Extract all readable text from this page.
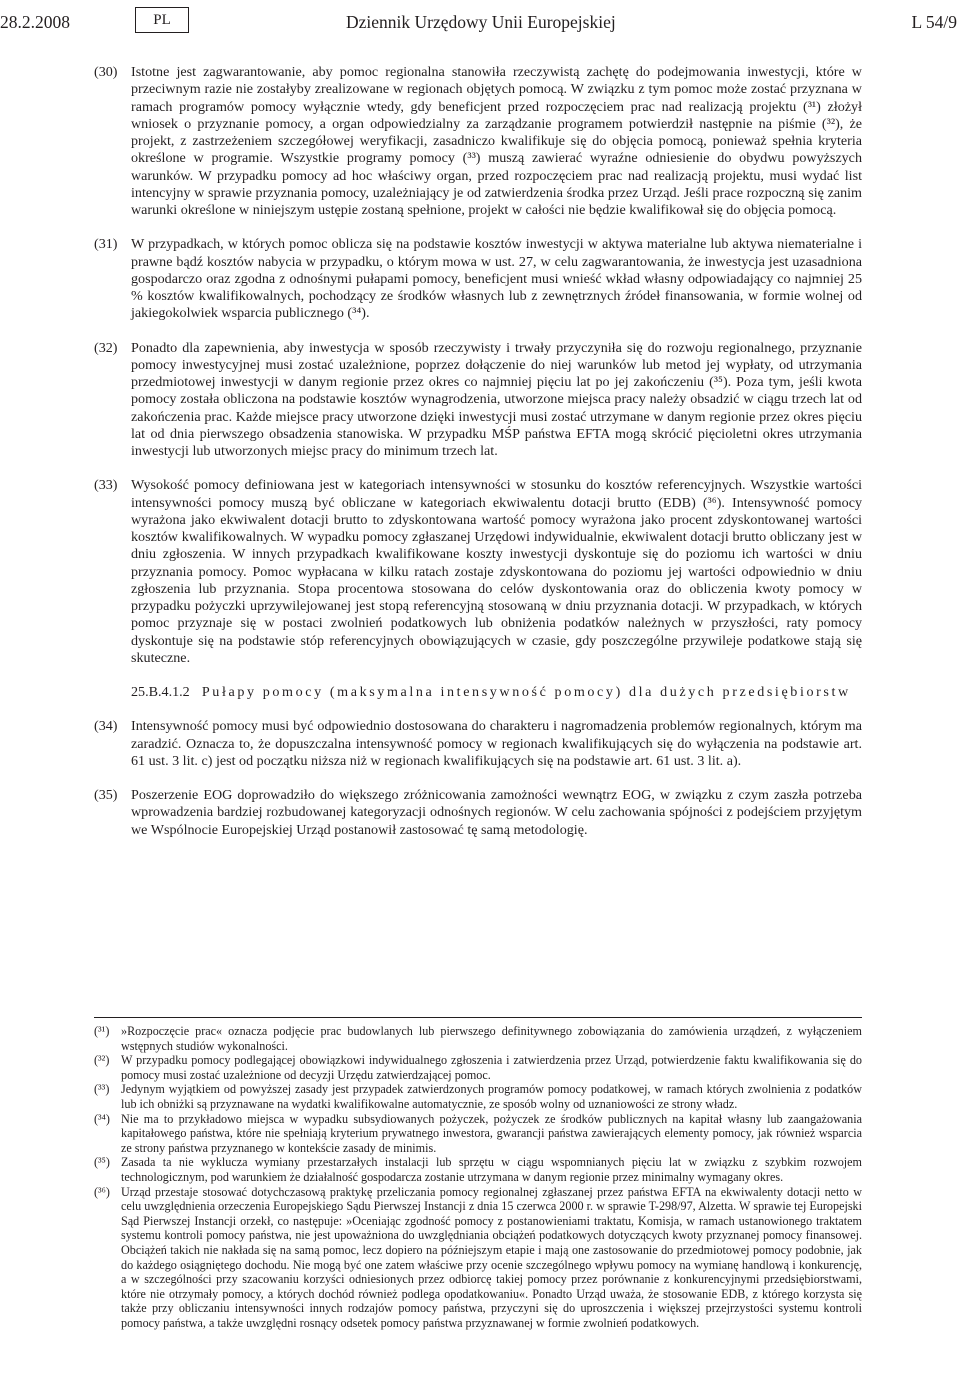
28.2.2008	PL	Dziennik Urzędowy Unii Europejskiej	L 54/9
(30) Istotne jest zagwarantowanie, aby pomoc regionalna stanowiła rzeczywistą zachętę do podejmowania inwestycji, które w przeciwnym razie nie zostałyby zrealizowane w regionach objętych pomocą. W związku z tym pomoc może zostać przyznana w ramach programów pomocy wyłącznie wtedy, gdy beneficjent przed rozpoczęciem prac nad realizacją projektu (³¹) złożył wniosek o przyznanie pomocy, a organ odpowiedzialny za zarządzanie programem potwierdził następnie na piśmie (³²), że projekt, z zastrzeżeniem szczegółowej weryfikacji, zasadniczo kwalifikuje się do objęcia pomocą, ponieważ spełnia kryteria określone w programie. Wszystkie programy pomocy (³³) muszą zawierać wyraźne odniesienie do obydwu powyższych warunków. W przypadku pomocy ad hoc właściwy organ, przed rozpoczęciem prac nad realizacją projektu, musi wydać list intencyjny w sprawie przyznania pomocy, uzależniający je od zatwierdzenia środka przez Urząd. Jeśli prace rozpoczną się zanim warunki określone w niniejszym ustępie zostaną spełnione, projekt w całości nie będzie kwalifikował się do objęcia pomocą.
(31) W przypadkach, w których pomoc oblicza się na podstawie kosztów inwestycji w aktywa materialne lub aktywa niematerialne i prawne bądź kosztów nabycia w przypadku, o którym mowa w ust. 27, w celu zagwarantowania, że inwestycja jest uzasadniona gospodarczo oraz zgodna z odnośnymi pułapami pomocy, beneficjent musi wnieść wkład własny odpowiadający co najmniej 25 % kosztów kwalifikowalnych, pochodzący ze środków własnych lub z zewnętrznych źródeł finansowania, w formie wolnej od jakiegokolwiek wsparcia publicznego (³⁴).
(32) Ponadto dla zapewnienia, aby inwestycja w sposób rzeczywisty i trwały przyczyniła się do rozwoju regionalnego, przyznanie pomocy inwestycyjnej musi zostać uzależnione, poprzez dołączenie do niej warunków lub metod jej wypłaty, od utrzymania przedmiotowej inwestycji w danym regionie przez okres co najmniej pięciu lat po jej zakończeniu (³⁵). Poza tym, jeśli kwota pomocy została obliczona na podstawie kosztów wynagrodzenia, utworzone miejsca pracy należy obsadzić w ciągu trzech lat od zakończenia prac. Każde miejsce pracy utworzone dzięki inwestycji musi zostać utrzymane w danym regionie przez okres pięciu lat od dnia pierwszego obsadzenia stanowiska. W przypadku MŚP państwa EFTA mogą skrócić pięcioletni okres utrzymania inwestycji lub utworzonych miejsc pracy do minimum trzech lat.
(33) Wysokość pomocy definiowana jest w kategoriach intensywności w stosunku do kosztów referencyjnych. Wszystkie wartości intensywności pomocy muszą być obliczane w kategoriach ekwiwalentu dotacji brutto (EDB) (³⁶). Intensywność pomocy wyrażona jako ekwiwalent dotacji brutto to zdyskontowana wartość pomocy wyrażona jako procent zdyskontowanej wartości kosztów kwalifikowalnych. W wypadku pomocy zgłaszanej Urzędowi indywidualnie, ekwiwalent dotacji brutto obliczany jest w dniu zgłoszenia. W innych przypadkach kwalifikowane koszty inwestycji dyskontuje się do poziomu ich wartości w dniu przyznania pomocy. Pomoc wypłacana w kilku ratach zostaje zdyskontowana do poziomu jej wartości odpowiednio w dniu zgłoszenia lub przyznania. Stopa procentowa stosowana do celów dyskontowania oraz do obliczenia kwoty pomocy w przypadku pożyczki uprzywilejowanej jest stopą referencyjną stosowaną w dniu przyznania dotacji. W przypadkach, w których pomoc przyznaje się w postaci zwolnień podatkowych lub obniżenia podatków należnych w przyszłości, raty pomocy dyskontuje się na podstawie stóp referencyjnych obowiązujących w czasie, gdy poszczególne przywileje podatkowe stają się skuteczne.
25.B.4.1.2 Pułapy pomocy (maksymalna intensywność pomocy) dla dużych przedsiębiorstw
(34) Intensywność pomocy musi być odpowiednio dostosowana do charakteru i nagromadzenia problemów regionalnych, którym ma zaradzić. Oznacza to, że dopuszczalna intensywność pomocy w regionach kwalifikujących się do wyłączenia na podstawie art. 61 ust. 3 lit. c) jest od początku niższa niż w regionach kwalifikujących się na podstawie art. 61 ust. 3 lit. a).
(35) Poszerzenie EOG doprowadziło do większego zróżnicowania zamożności wewnątrz EOG, w związku z czym zaszła potrzeba wprowadzenia bardziej rozbudowanej kategoryzacji odnośnych regionów. W celu zachowania spójności z podejściem przyjętym we Wspólnocie Europejskiej Urząd postanowił zastosować tę samą metodologię.
(³¹) »Rozpoczęcie prac« oznacza podjęcie prac budowlanych lub pierwszego definitywnego zobowiązania do zamówienia urządzeń, z wyłączeniem wstępnych studiów wykonalności.
(³²) W przypadku pomocy podlegającej obowiązkowi indywidualnego zgłoszenia i zatwierdzenia przez Urząd, potwierdzenie faktu kwalifikowania się do pomocy musi zostać uzależnione od decyzji Urzędu zatwierdzającej pomoc.
(³³) Jedynym wyjątkiem od powyższej zasady jest przypadek zatwierdzonych programów pomocy podatkowej, w ramach których zwolnienia z podatków lub ich obniżki są przyznawane na wydatki kwalifikowalne automatycznie, ze sposób wolny od uznaniowości ze strony władz.
(³⁴) Nie ma to przykładowo miejsca w wypadku subsydiowanych pożyczek, pożyczek ze środków publicznych na kapitał własny lub zaangażowania kapitałowego państwa, które nie spełniają kryterium prywatnego inwestora, gwarancji państwa zawierających elementy pomocy, jak również wsparcia ze strony państwa przyznanego w kontekście zasady de minimis.
(³⁵) Zasada ta nie wyklucza wymiany przestarzałych instalacji lub sprzętu w ciągu wspomnianych pięciu lat w związku z szybkim rozwojem technologicznym, pod warunkiem że działalność gospodarcza zostanie utrzymana w danym regionie przez minimalny wymagany okres.
(³⁶) Urząd przestaje stosować dotychczasową praktykę przeliczania pomocy regionalnej zgłaszanej przez państwa EFTA na ekwiwalenty dotacji netto w celu uwzględnienia orzeczenia Europejskiego Sądu Pierwszej Instancji z dnia 15 czerwca 2000 r. w sprawie T-298/97, Alzetta. W sprawie tej Europejski Sąd Pierwszej Instancji orzekł, co następuje: »Oceniając zgodność pomocy z postanowieniami traktatu, Komisja, w ramach ustanowionego traktatem systemu kontroli pomocy państwa, nie jest upoważniona do uwzględniania obciążeń podatkowych dotyczących kwoty przyznanej pomocy finansowej. Obciążeń takich nie nakłada się na samą pomoc, lecz dopiero na późniejszym etapie i mają one zastosowanie do przedmiotowej pomocy podobnie, jak do każdego osiągniętego dochodu. Nie mogą być one zatem właściwe przy ocenie szczególnego wpływu pomocy na wymianę handlową i konkurencję, a w szczególności przy szacowaniu korzyści odniesionych przez odbiorcę takiej pomocy przez porównanie z konkurencyjnymi przedsiębiorstwami, które nie otrzymały pomocy, a których dochód również podlega opodatkowaniu«. Ponadto Urząd uważa, że stosowanie EDB, z którego korzysta się także przy obliczaniu intensywności innych rodzajów pomocy państwa, przyczyni się do uproszczenia i większej przejrzystości systemu kontroli pomocy państwa, a także uwzględni rosnący odsetek pomocy państwa przyznawanej w formie zwolnień podatkowych.
